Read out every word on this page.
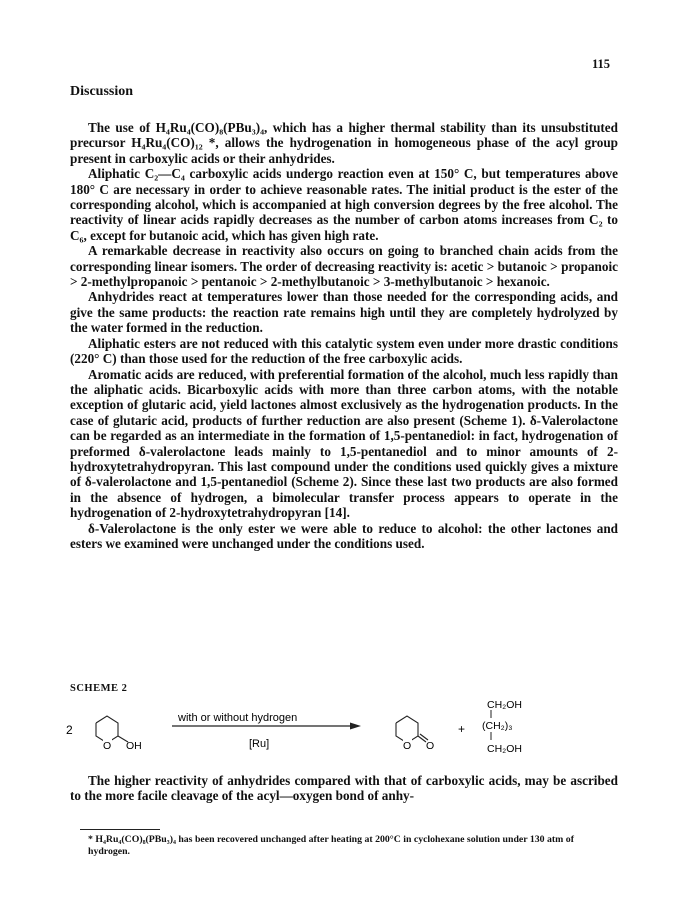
115
Discussion

The use of H₄Ru₄(CO)₈(PBu₃)₄, which has a higher thermal stability than its unsubstituted precursor H₄Ru₄(CO)₁₂ *, allows the hydrogenation in homogeneous phase of the acyl group present in carboxylic acids or their anhydrides.

Aliphatic C₂—C₄ carboxylic acids undergo reaction even at 150° C, but temperatures above 180° C are necessary in order to achieve reasonable rates. The initial product is the ester of the corresponding alcohol, which is accompanied at high conversion degrees by the free alcohol. The reactivity of linear acids rapidly decreases as the number of carbon atoms increases from C₂ to C₆, except for butanoic acid, which has given high rate.

A remarkable decrease in reactivity also occurs on going to branched chain acids from the corresponding linear isomers. The order of decreasing reactivity is: acetic > butanoic > propanoic > 2-methylpropanoic > pentanoic > 2-methylbutanoic > 3-methylbutanoic > hexanoic.

Anhydrides react at temperatures lower than those needed for the corresponding acids, and give the same products: the reaction rate remains high until they are completely hydrolyzed by the water formed in the reduction.

Aliphatic esters are not reduced with this catalytic system even under more drastic conditions (220° C) than those used for the reduction of the free carboxylic acids.

Aromatic acids are reduced, with preferential formation of the alcohol, much less rapidly than the aliphatic acids. Bicarboxylic acids with more than three carbon atoms, with the notable exception of glutaric acid, yield lactones almost exclusively as the hydrogenation products. In the case of glutaric acid, products of further reduction are also present (Scheme 1). δ-Valerolactone can be regarded as an intermediate in the formation of 1,5-pentanediol: in fact, hydrogenation of preformed δ-valerolactone leads mainly to 1,5-pentanediol and to minor amounts of 2-hydroxytetrahydropyran. This last compound under the conditions used quickly gives a mixture of δ-valerolactone and 1,5-pentanediol (Scheme 2). Since these last two products are also formed in the absence of hydrogen, a bimolecular transfer process appears to operate in the hydrogenation of 2-hydroxytetrahydropyran [14].

δ-Valerolactone is the only ester we were able to reduce to alcohol: the other lactones and esters we examined were unchanged under the conditions used.

SCHEME 2
2
O OH
with or without hydrogen
[Ru]	O O
+
CH₂OH
(CH₂)₃
CH₂OH

The higher reactivity of anhydrides compared with that of carboxylic acids, may be ascribed to the more facile cleavage of the acyl—oxygen bond of anhy-

* H₄Ru₄(CO)₈(PBu₃)₄ has been recovered unchanged after heating at 200°C in cyclohexane solution under 130 atm of hydrogen.
